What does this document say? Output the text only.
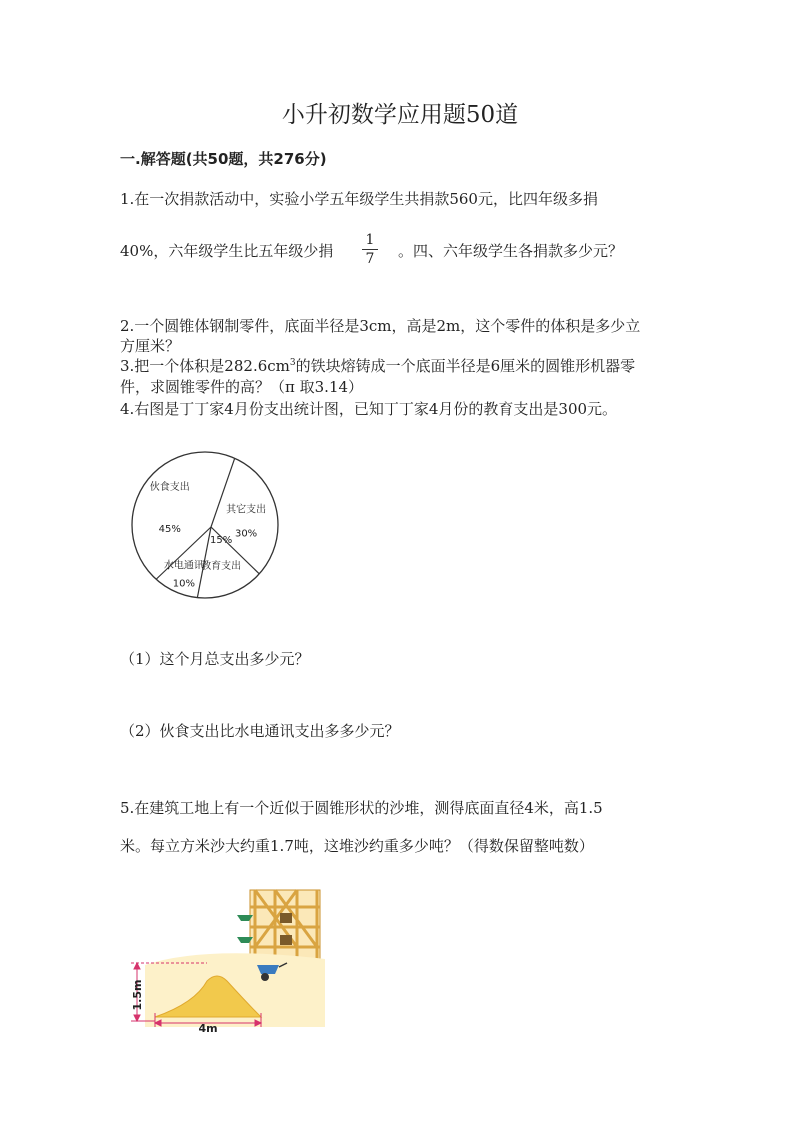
小升初数学应用题50道
一.解答题(共50题，共276分)
1.在一次捐款活动中，实验小学五年级学生共捐款560元，比四年级多捐
40%，六年级学生比五年级少捐
1
7 。四、六年级学生各捐款多少元？
2.一个圆锥体钢制零件，底面半径是3cm，高是2m，这个零件的体积是多少立
方厘米？
3.把一个体积是$282.6cm^3$的铁块熔铸成一个底面半径是6厘米的圆锥形机器零
件，求圆锥零件的高？（π 取3.14）
4.右图是丁丁家4月份支出统计图，已知丁丁家4月份的教育支出是300元。
其它支出
30%
15%
教育支出
水电通讯
10%
伙食支出
45%
（1）这个月总支出多少元？
（2）伙食支出比水电通讯支出多多少元？
5.在建筑工地上有一个近似于圆锥形状的沙堆，测得底面直径4米，高1.5
米。每立方米沙大约重1.7吨，这堆沙约重多少吨？（得数保留整吨数）
1.5m
4m
